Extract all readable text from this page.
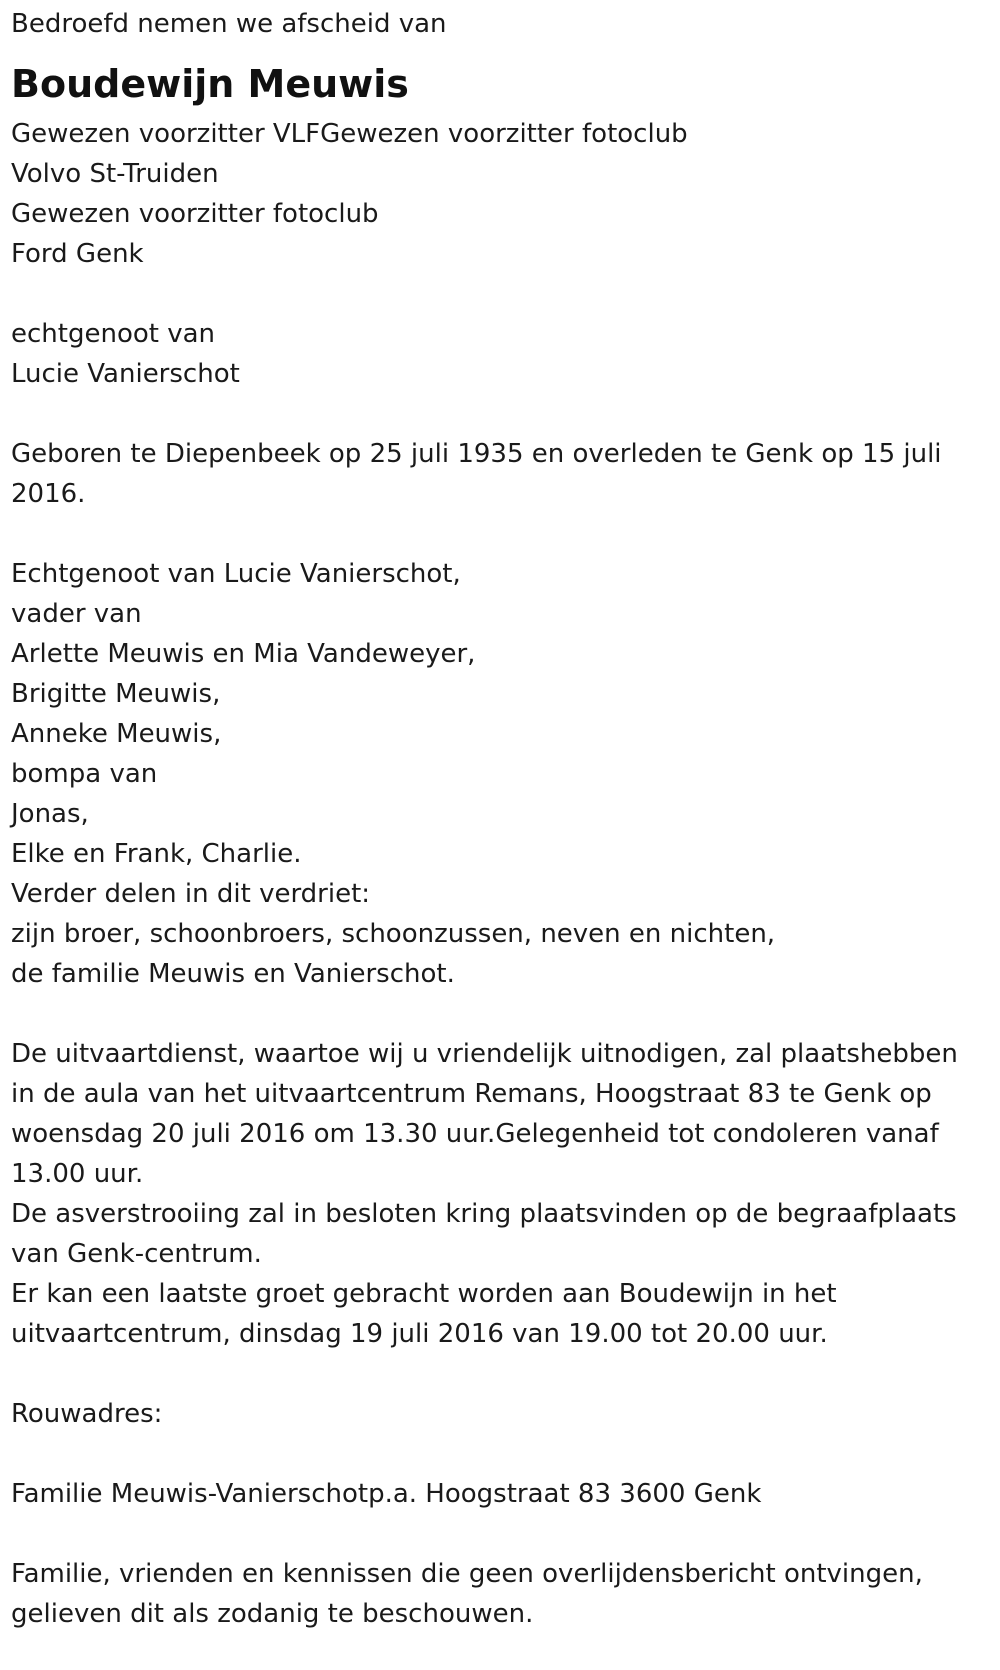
Bedroefd nemen we afscheid van
Boudewijn Meuwis
Gewezen voorzitter VLFGewezen voorzitter fotoclub
Volvo St-Truiden
Gewezen voorzitter fotoclub
Ford Genk
echtgenoot van
Lucie Vanierschot
Geboren te Diepenbeek op 25 juli 1935 en overleden te Genk op 15 juli 2016.
Echtgenoot van Lucie Vanierschot,
vader van
Arlette Meuwis en Mia Vandeweyer,
Brigitte Meuwis,
Anneke Meuwis,
bompa van
Jonas,
Elke en Frank, Charlie.
Verder delen in dit verdriet:
zijn broer, schoonbroers, schoonzussen, neven en nichten,
de familie Meuwis en Vanierschot.
De uitvaartdienst, waartoe wij u vriendelijk uitnodigen, zal plaatshebben in de aula van het uitvaartcentrum Remans, Hoogstraat 83 te Genk op woensdag 20 juli 2016 om 13.30 uur.Gelegenheid tot condoleren vanaf 13.00 uur.
De asverstrooiing zal in besloten kring plaatsvinden op de begraafplaats van Genk-centrum.
Er kan een laatste groet gebracht worden aan Boudewijn in het uitvaartcentrum, dinsdag 19 juli 2016 van 19.00 tot 20.00 uur.
Rouwadres:
Familie Meuwis-Vanierschotp.a. Hoogstraat 83 3600 Genk
Familie, vrienden en kennissen die geen overlijdensbericht ontvingen, gelieven dit als zodanig te beschouwen.
